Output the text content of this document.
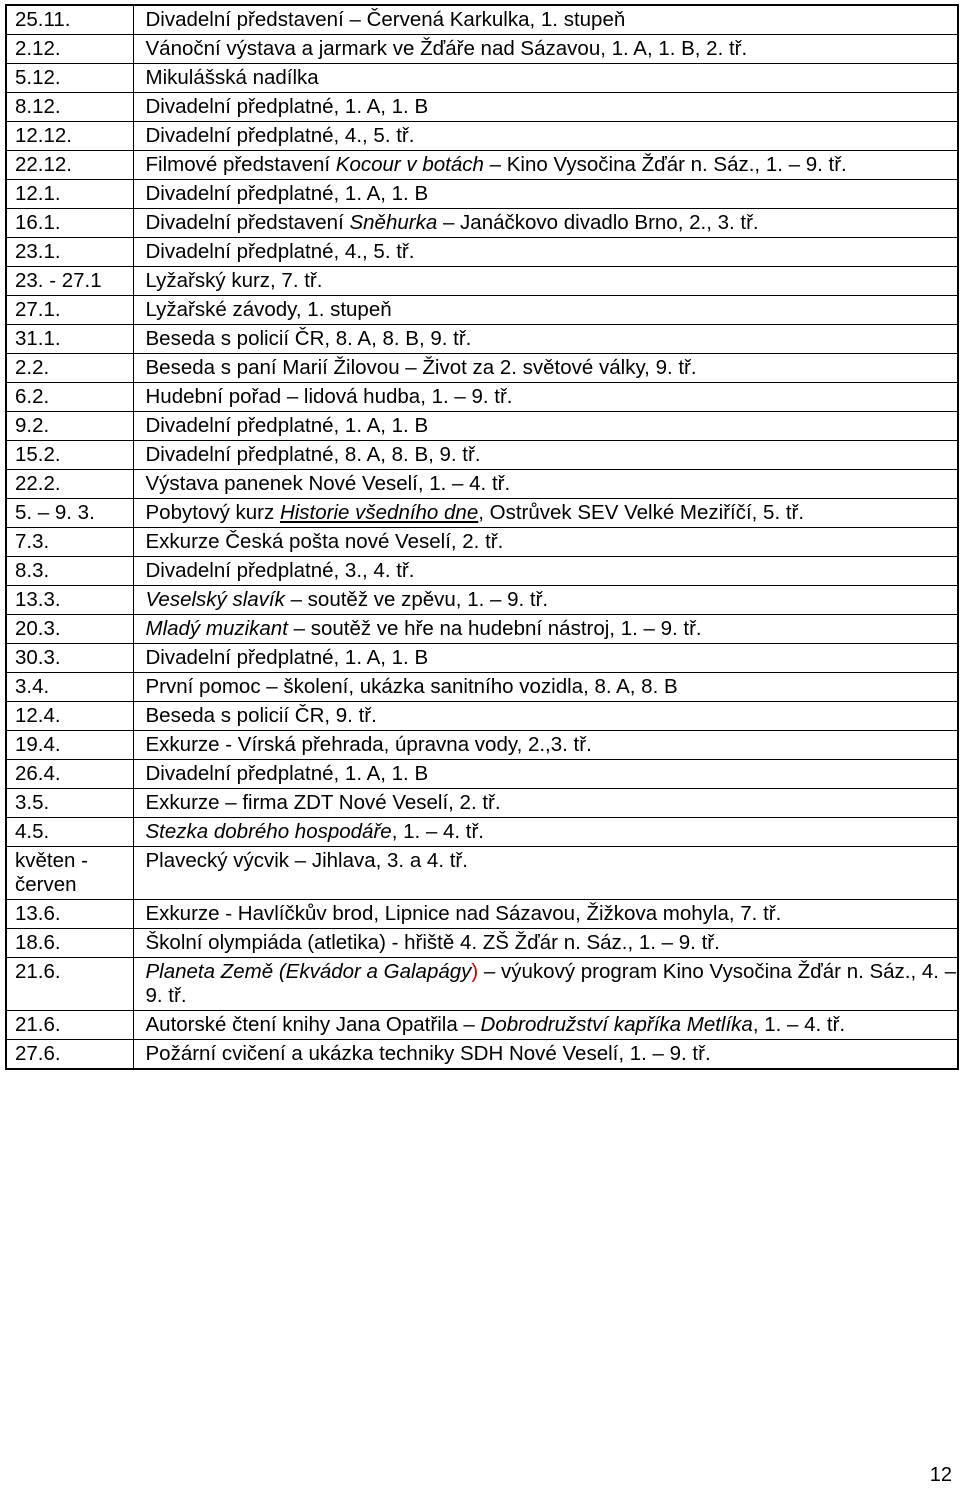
25.11.	Divadelní představení – Červená Karkulka, 1. stupeň
2.12.	Vánoční výstava a jarmark ve Žďáře nad Sázavou, 1. A, 1. B, 2. tř.
5.12.	Mikulášská nadílka
8.12.	Divadelní předplatné, 1. A, 1. B
12.12.	Divadelní předplatné, 4., 5. tř.
22.12.	Filmové představení Kocour v botách – Kino Vysočina Žďár n. Sáz., 1. – 9. tř.
12.1.	Divadelní předplatné, 1. A, 1. B
16.1.	Divadelní představení Sněhurka – Janáčkovo divadlo Brno, 2., 3. tř.
23.1.	Divadelní předplatné, 4., 5. tř.
23. - 27.1	Lyžařský kurz, 7. tř.
27.1.	Lyžařské závody, 1. stupeň
31.1.	Beseda s policií ČR, 8. A, 8. B, 9. tř.
2.2.	Beseda s paní Marií Žilovou – Život za 2. světové války, 9. tř.
6.2.	Hudební pořad – lidová hudba, 1. – 9. tř.
9.2.	Divadelní předplatné, 1. A, 1. B
15.2.	Divadelní předplatné, 8. A, 8. B, 9. tř.
22.2.	Výstava panenek Nové Veselí, 1. – 4. tř.
5. – 9. 3.	Pobytový kurz Historie všedního dne, Ostrůvek SEV Velké Meziříčí, 5. tř.
7.3.	Exkurze Česká pošta nové Veselí, 2. tř.
8.3.	Divadelní předplatné, 3., 4. tř.
13.3.	Veselský slavík – soutěž ve zpěvu, 1. – 9. tř.
20.3.	Mladý muzikant – soutěž ve hře na hudební nástroj, 1. – 9. tř.
30.3.	Divadelní předplatné, 1. A, 1. B
3.4.	První pomoc – školení, ukázka sanitního vozidla, 8. A, 8. B
12.4.	Beseda s policií ČR, 9. tř.
19.4.	Exkurze - Vírská přehrada, úpravna vody, 2.,3. tř.
26.4.	Divadelní předplatné, 1. A, 1. B
3.5.	Exkurze – firma ZDT Nové Veselí, 2. tř.
4.5.	Stezka dobrého hospodáře, 1. – 4. tř.
květen - červen	Plavecký výcvik – Jihlava, 3. a 4. tř.
13.6.	Exkurze - Havlíčkův brod, Lipnice nad Sázavou, Žižkova mohyla, 7. tř.
18.6.	Školní olympiáda (atletika) - hřiště 4. ZŠ Žďár n. Sáz., 1. – 9. tř.
21.6.	Planeta Země (Ekvádor a Galapágy) – výukový program Kino Vysočina Žďár n. Sáz., 4. – 9. tř.
21.6.	Autorské čtení knihy Jana Opatřila – Dobrodružství kapříka Metlíka, 1. – 4. tř.
27.6.	Požární cvičení a ukázka techniky SDH Nové Veselí, 1. – 9. tř.
12
